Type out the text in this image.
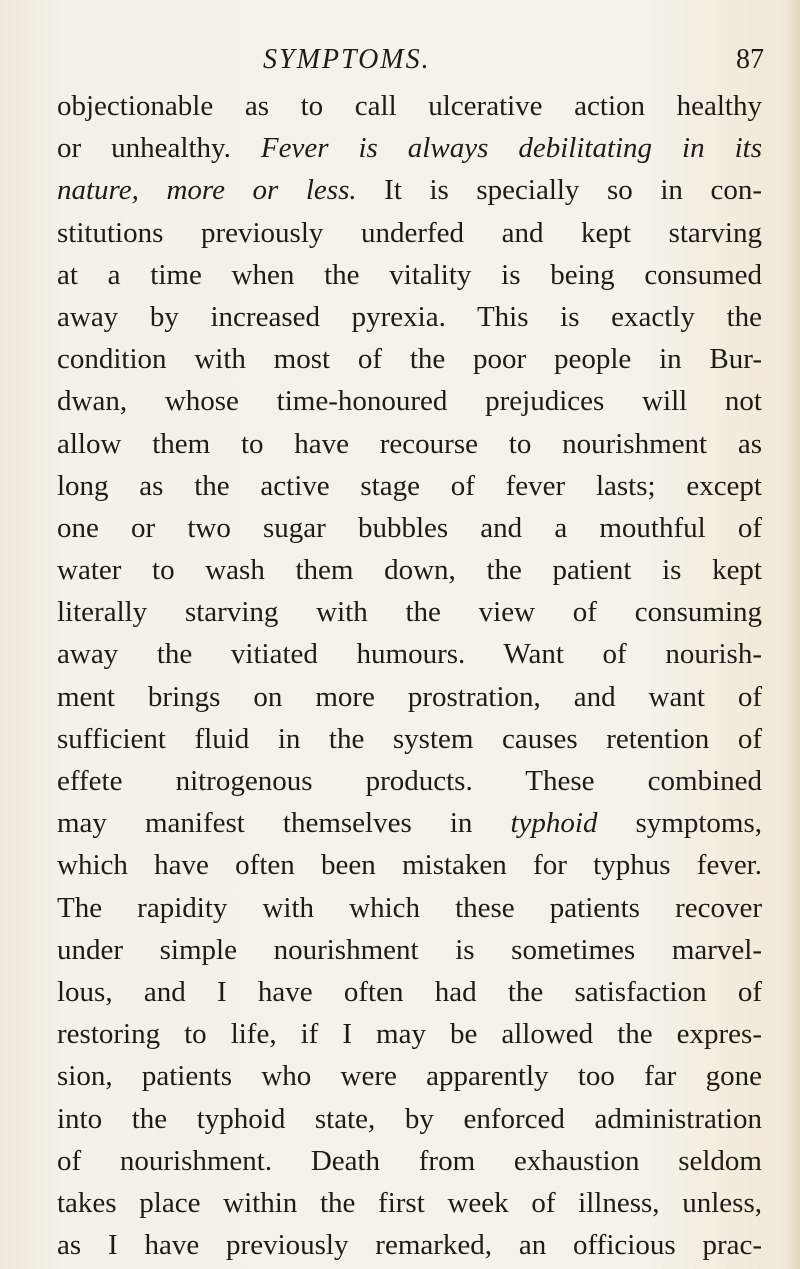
SYMPTOMS.	87
objectionable as to call ulcerative action healthy
or unhealthy. Fever is always debilitating in its
nature, more or less. It is specially so in con-
stitutions previously underfed and kept starving
at a time when the vitality is being consumed
away by increased pyrexia. This is exactly the
condition with most of the poor people in Bur-
dwan, whose time-honoured prejudices will not
allow them to have recourse to nourishment as
long as the active stage of fever lasts; except
one or two sugar bubbles and a mouthful of
water to wash them down, the patient is kept
literally starving with the view of consuming
away the vitiated humours. Want of nourish-
ment brings on more prostration, and want of
sufficient fluid in the system causes retention of
effete nitrogenous products. These combined
may manifest themselves in typhoid symptoms,
which have often been mistaken for typhus fever.
The rapidity with which these patients recover
under simple nourishment is sometimes marvel-
lous, and I have often had the satisfaction of
restoring to life, if I may be allowed the expres-
sion, patients who were apparently too far gone
into the typhoid state, by enforced administration
of nourishment. Death from exhaustion seldom
takes place within the first week of illness, unless,
as I have previously remarked, an officious prac-
